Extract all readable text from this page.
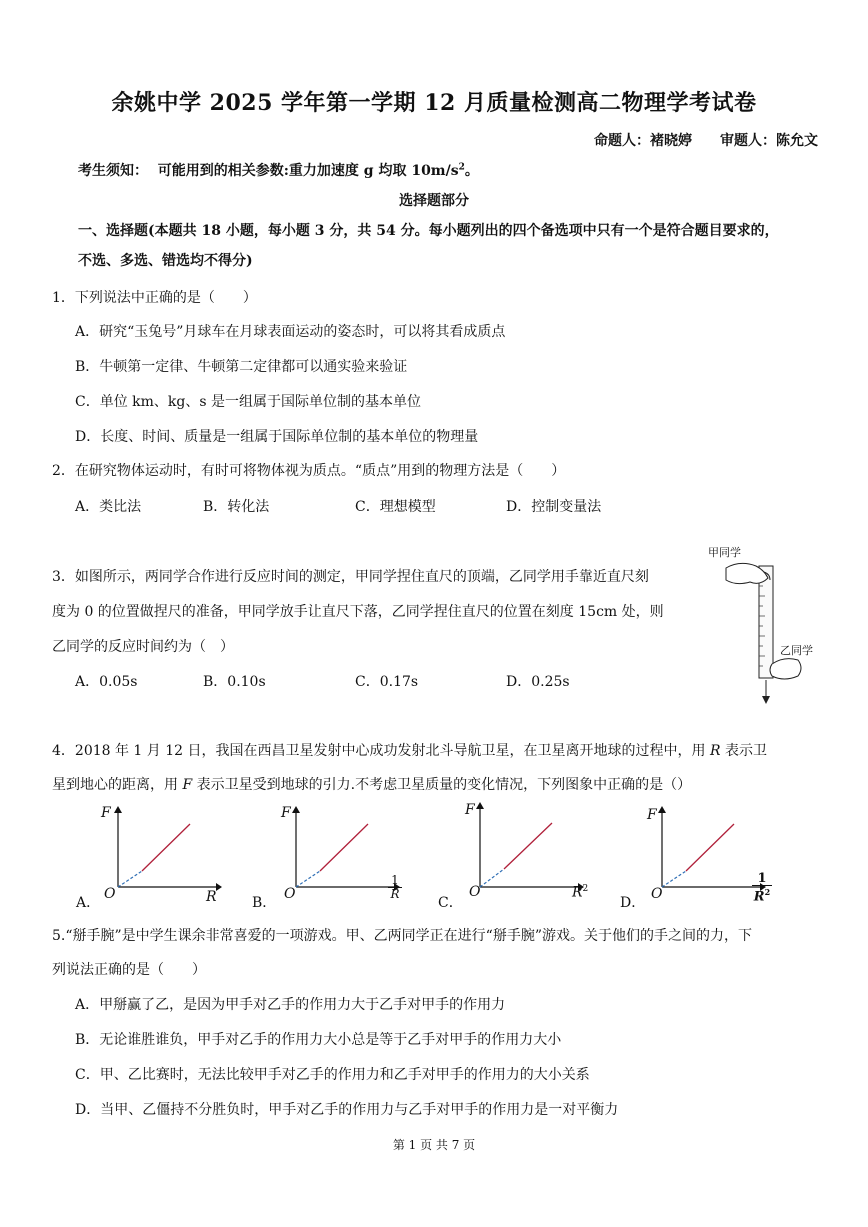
余姚中学 2025 学年第一学期 12 月质量检测高二物理学考试卷
命题人：褚晓婷 审题人：陈允文
考生须知： 可能用到的相关参数:重力加速度 g 均取 $10m/s^2$。
选择题部分
一、选择题(本题共 18 小题，每小题 3 分，共 54 分。每小题列出的四个备选项中只有一个是符合题目要求的，
不选、多选、错选均不得分)
1．下列说法中正确的是（　　）
A．研究“玉兔号”月球车在月球表面运动的姿态时，可以将其看成质点
B．牛顿第一定律、牛顿第二定律都可以通实验来验证
C．单位 km、kg、s 是一组属于国际单位制的基本单位
D．长度、时间、质量是一组属于国际单位制的基本单位的物理量
2．在研究物体运动时，有时可将物体视为质点。“质点”用到的物理方法是（　　）
A．类比法	B．转化法	C．理想模型	D．控制变量法
3．如图所示，两同学合作进行反应时间的测定，甲同学捏住直尺的顶端，乙同学用手靠近直尺刻
度为 0 的位置做捏尺的准备，甲同学放手让直尺下落，乙同学捏住直尺的位置在刻度 15cm 处，则
乙同学的反应时间约为（　）
A．0.05s	B．0.10s	C．0.17s	D．0.25s
甲同学
乙同学
4．2018 年 1 月 12 日，我国在西昌卫星发射中心成功发射北斗导航卫星，在卫星离开地球的过程中，用 R 表示卫
星到地心的距离，用 F 表示卫星受到地球的引力.不考虑卫星质量的变化情况，下列图象中正确的是（）
A．
F
O	R	B．
F
O
1
R
C．
F
O	$R^2$
D．
F
O
1
$R^2$
5.“掰手腕”是中学生课余非常喜爱的一项游戏。甲、乙两同学正在进行“掰手腕”游戏。关于他们的手之间的力，下
列说法正确的是（　　）
A．甲掰赢了乙，是因为甲手对乙手的作用力大于乙手对甲手的作用力
B．无论谁胜谁负，甲手对乙手的作用力大小总是等于乙手对甲手的作用力大小
C．甲、乙比赛时，无法比较甲手对乙手的作用力和乙手对甲手的作用力的大小关系
D．当甲、乙僵持不分胜负时，甲手对乙手的作用力与乙手对甲手的作用力是一对平衡力
第 1 页 共 7 页
